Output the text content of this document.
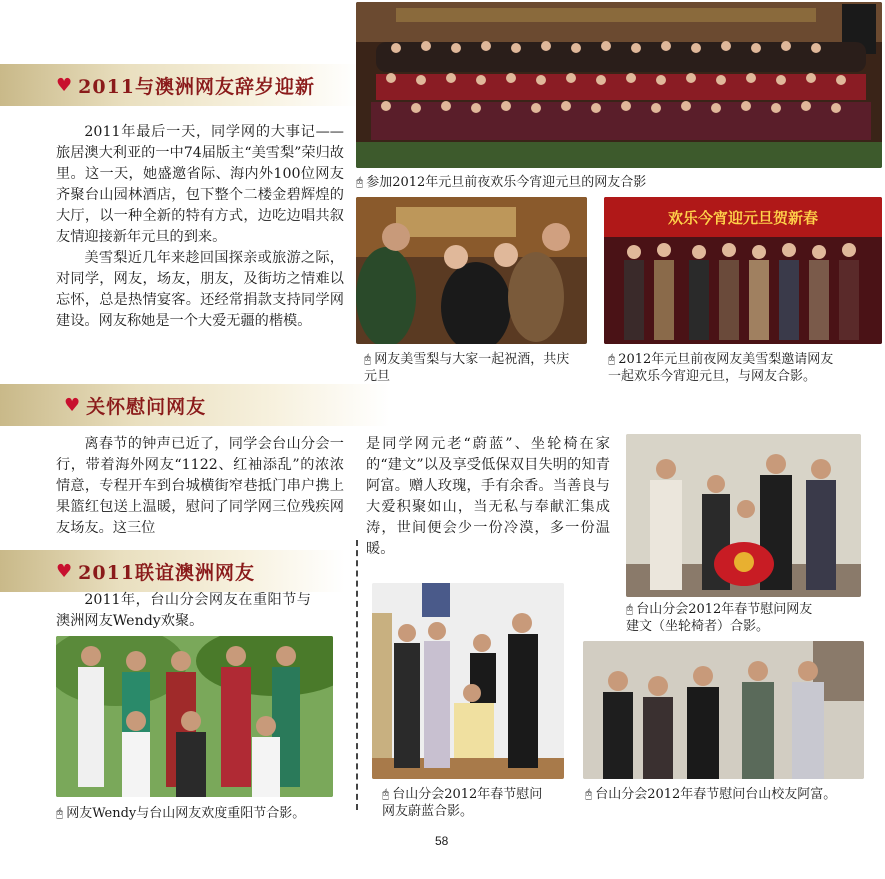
♥ 2011与澳洲网友辞岁迎新

2011年最后一天，同学网的大事记——旅居澳大利亚的一中74届版主“美雪梨”荣归故里。这一天，她盛邀省际、海内外100位网友齐聚台山园林酒店，包下整个二楼金碧辉煌的大厅，以一种全新的特有方式，边吃边唱共叙友情迎接新年元旦的到来。

美雪梨近几年来趁回国探亲或旅游之际，对同学，网友，场友，朋友，及街坊之情难以忘怀，总是热情宴客。还经常捐款支持同学网建设。网友称她是一个大爱无疆的楷模。

♥ 关怀慰问网友

离春节的钟声已近了，同学会台山分会一行，带着海外网友“1122、红袖添乱”的浓浓情意，专程开车到台城横街窄巷抵门串户携上果篮红包送上温暖，慰问了同学网三位残疾网友场友。这三位

是同学网元老“蔚蓝”、坐轮椅在家的“建文”以及享受低保双目失明的知青阿富。赠人玫瑰，手有余香。当善良与大爱积聚如山，当无私与奉献汇集成涛，世间便会少一份冷漠，多一份温暖。

♥ 2011联谊澳洲网友

2011年，台山分会网友在重阳节与澳洲网友Wendy欢聚。

🖰 参加2012年元旦前夜欢乐今宵迎元旦的网友合影
🖰 网友美雪梨与大家一起祝酒，共庆元旦
欢乐今宵迎元旦贺新春
🖰 2012年元旦前夜网友美雪梨邀请网友一起欢乐今宵迎元旦，与网友合影。
🖰 台山分会2012年春节慰问网友建文（坐轮椅者）合影。
🖰 网友Wendy与台山网友欢度重阳节合影。
🖰 台山分会2012年春节慰问网友蔚蓝合影。
🖰 台山分会2012年春节慰问台山校友阿富。
58
